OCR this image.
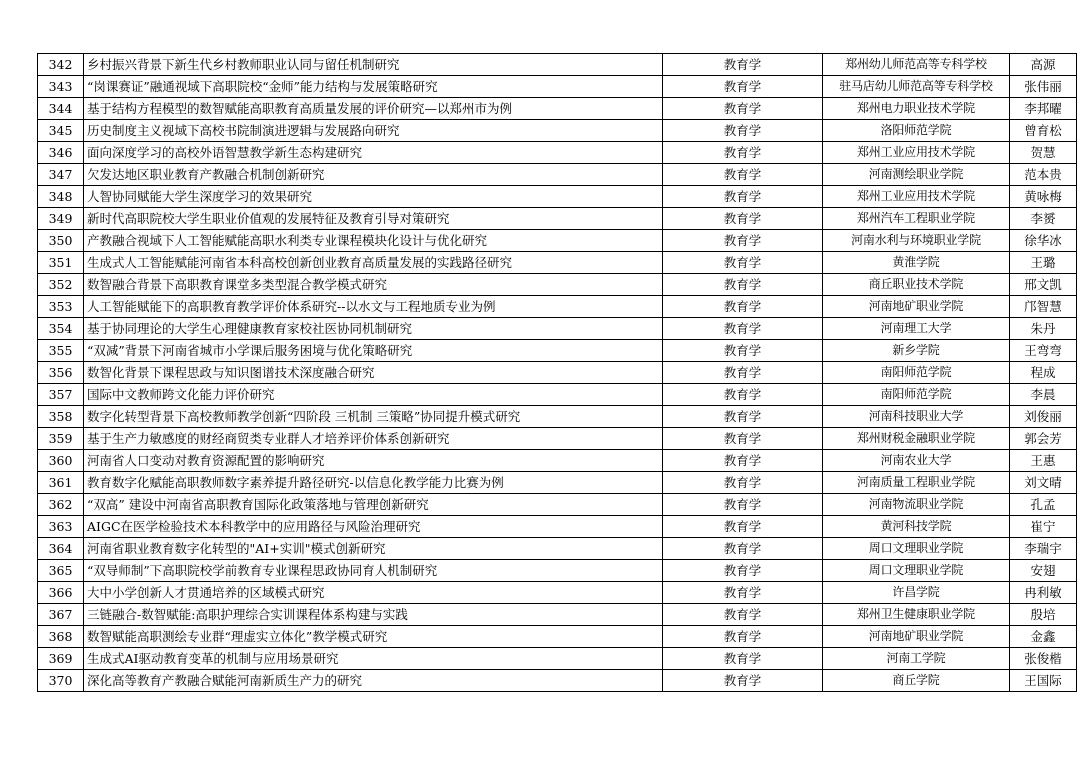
342	乡村振兴背景下新生代乡村教师职业认同与留任机制研究	教育学	郑州幼儿师范高等专科学校	高源
343	“岗课赛证”融通视域下高职院校“金师”能力结构与发展策略研究	教育学	驻马店幼儿师范高等专科学校	张伟丽
344	基于结构方程模型的数智赋能高职教育高质量发展的评价研究—以郑州市为例	教育学	郑州电力职业技术学院	李邦曜
345	历史制度主义视域下高校书院制演进逻辑与发展路向研究	教育学	洛阳师范学院	曾育松
346	面向深度学习的高校外语智慧教学新生态构建研究	教育学	郑州工业应用技术学院	贺慧
347	欠发达地区职业教育产教融合机制创新研究	教育学	河南测绘职业学院	范本贵
348	人智协同赋能大学生深度学习的效果研究	教育学	郑州工业应用技术学院	黄咏梅
349	新时代高职院校大学生职业价值观的发展特征及教育引导对策研究	教育学	郑州汽车工程职业学院	李赟
350	产教融合视域下人工智能赋能高职水利类专业课程模块化设计与优化研究	教育学	河南水利与环境职业学院	徐华冰
351	生成式人工智能赋能河南省本科高校创新创业教育高质量发展的实践路径研究	教育学	黄淮学院	王璐
352	数智融合背景下高职教育课堂多类型混合教学模式研究	教育学	商丘职业技术学院	邢文凯
353	人工智能赋能下的高职教育教学评价体系研究--以水文与工程地质专业为例	教育学	河南地矿职业学院	邝智慧
354	基于协同理论的大学生心理健康教育家校社医协同机制研究	教育学	河南理工大学	朱丹
355	“双减”背景下河南省城市小学课后服务困境与优化策略研究	教育学	新乡学院	王弯弯
356	数智化背景下课程思政与知识图谱技术深度融合研究	教育学	南阳师范学院	程成
357	国际中文教师跨文化能力评价研究	教育学	南阳师范学院	李晨
358	数字化转型背景下高校教师教学创新“四阶段 三机制 三策略”协同提升模式研究	教育学	河南科技职业大学	刘俊丽
359	基于生产力敏感度的财经商贸类专业群人才培养评价体系创新研究	教育学	郑州财税金融职业学院	郭会芳
360	河南省人口变动对教育资源配置的影响研究	教育学	河南农业大学	王惠
361	教育数字化赋能高职教师数字素养提升路径研究-以信息化教学能力比赛为例	教育学	河南质量工程职业学院	刘文晴
362	“双高” 建设中河南省高职教育国际化政策落地与管理创新研究	教育学	河南物流职业学院	孔孟
363	AIGC在医学检验技术本科教学中的应用路径与风险治理研究	教育学	黄河科技学院	崔宁
364	河南省职业教育数字化转型的"AI+实训"模式创新研究	教育学	周口文理职业学院	李瑞宇
365	“双导师制”下高职院校学前教育专业课程思政协同育人机制研究	教育学	周口文理职业学院	安翅
366	大中小学创新人才贯通培养的区域模式研究	教育学	许昌学院	冉利敏
367	三链融合-数智赋能:高职护理综合实训课程体系构建与实践	教育学	郑州卫生健康职业学院	殷培
368	数智赋能高职测绘专业群“理虚实立体化”教学模式研究	教育学	河南地矿职业学院	金鑫
369	生成式AI驱动教育变革的机制与应用场景研究	教育学	河南工学院	张俊楷
370	深化高等教育产教融合赋能河南新质生产力的研究	教育学	商丘学院	王国际
